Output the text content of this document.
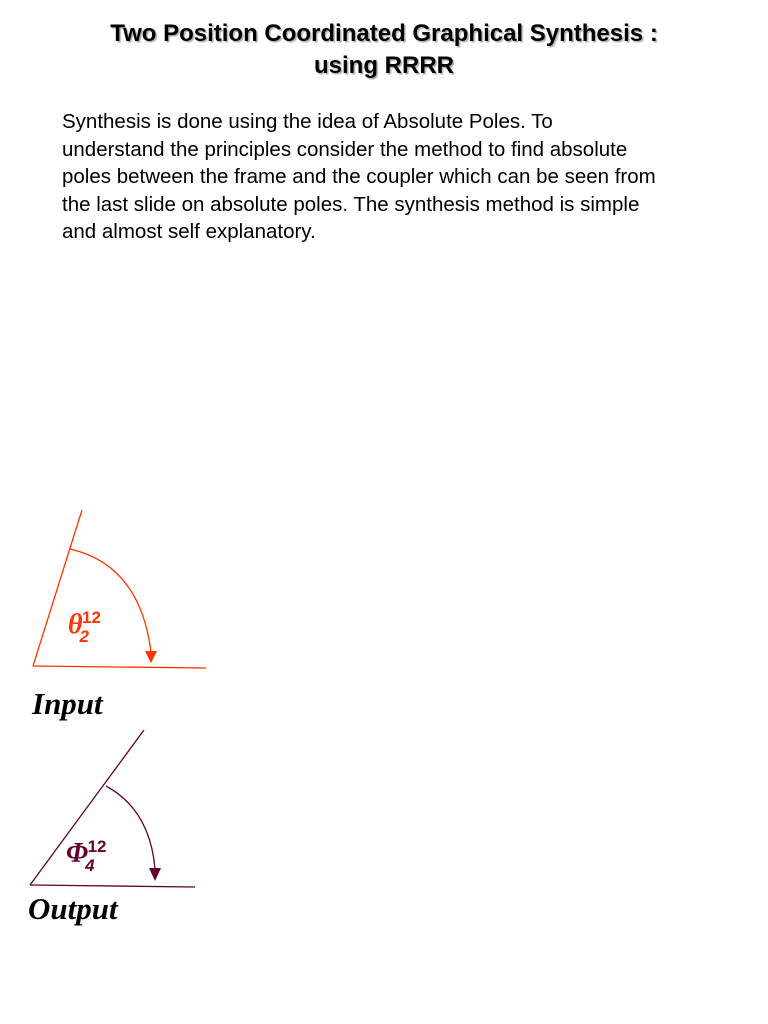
Two Position Coordinated Graphical Synthesis :
using RRRR
Synthesis is done using the idea of Absolute Poles. To
understand the principles consider the method to find absolute
poles between the frame and the coupler which can be seen from
the last slide on absolute poles. The synthesis method is simple
and almost self explanatory.
θ212
Φ412
Input
Output
